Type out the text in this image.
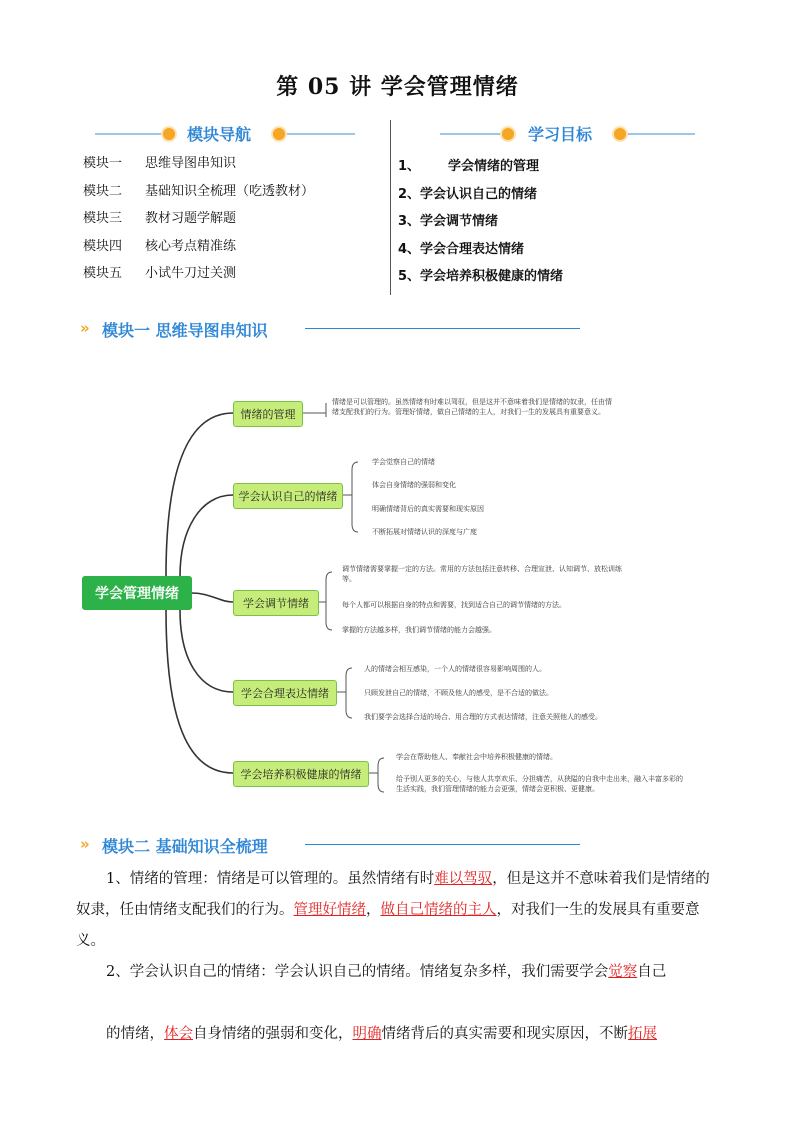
第 05 讲 学会管理情绪
模块导航	学习目标
模块一 思维导图串知识
模块二 基础知识全梳理（吃透教材）
模块三 教材习题学解题
模块四 核心考点精准练
模块五 小试牛刀过关测
1、 学会情绪的管理
2、学会认识自己的情绪
3、学会调节情绪
4、学会合理表达情绪
5、学会培养积极健康的情绪
» 模块一 思维导图串知识
学会管理情绪
情绪的管理
情绪是可以管理的。虽然情绪有时难以驾驭，但是这并不意味着我们是情绪的奴隶，任由情绪支配我们的行为。管理好情绪，做自己情绪的主人，对我们一生的发展具有重要意义。
学会认识自己的情绪
学会觉察自己的情绪
体会自身情绪的强弱和变化
明确情绪背后的真实需要和现实原因
不断拓展对情绪认识的深度与广度
学会调节情绪
调节情绪需要掌握一定的方法。常用的方法包括注意转移、合理宣泄、认知调节、放松训练等。
每个人都可以根据自身的特点和需要，找到适合自己的调节情绪的方法。
掌握的方法越多样，我们调节情绪的能力会越强。
学会合理表达情绪
人的情绪会相互感染，一个人的情绪很容易影响周围的人。
只顾发泄自己的情绪，不顾及他人的感受，是不合适的做法。
我们要学会选择合适的场合、用合理的方式表达情绪，注意关照他人的感受。
学会培养积极健康的情绪
学会在帮助他人、奉献社会中培养积极健康的情绪。
给予别人更多的关心，与他人共享欢乐、分担痛苦，从狭隘的自我中走出来，融入丰富多彩的生活实践，我们管理情绪的能力会更强，情绪会更积极、更健康。
» 模块二 基础知识全梳理
1、情绪的管理：情绪是可以管理的。虽然情绪有时难以驾驭，但是这并不意味着我们是情绪的奴隶，任由情绪支配我们的行为。管理好情绪，做自己情绪的主人，对我们一生的发展具有重要意义。
2、学会认识自己的情绪：学会认识自己的情绪。情绪复杂多样，我们需要学会觉察自己
的情绪，体会自身情绪的强弱和变化，明确情绪背后的真实需要和现实原因，不断拓展
